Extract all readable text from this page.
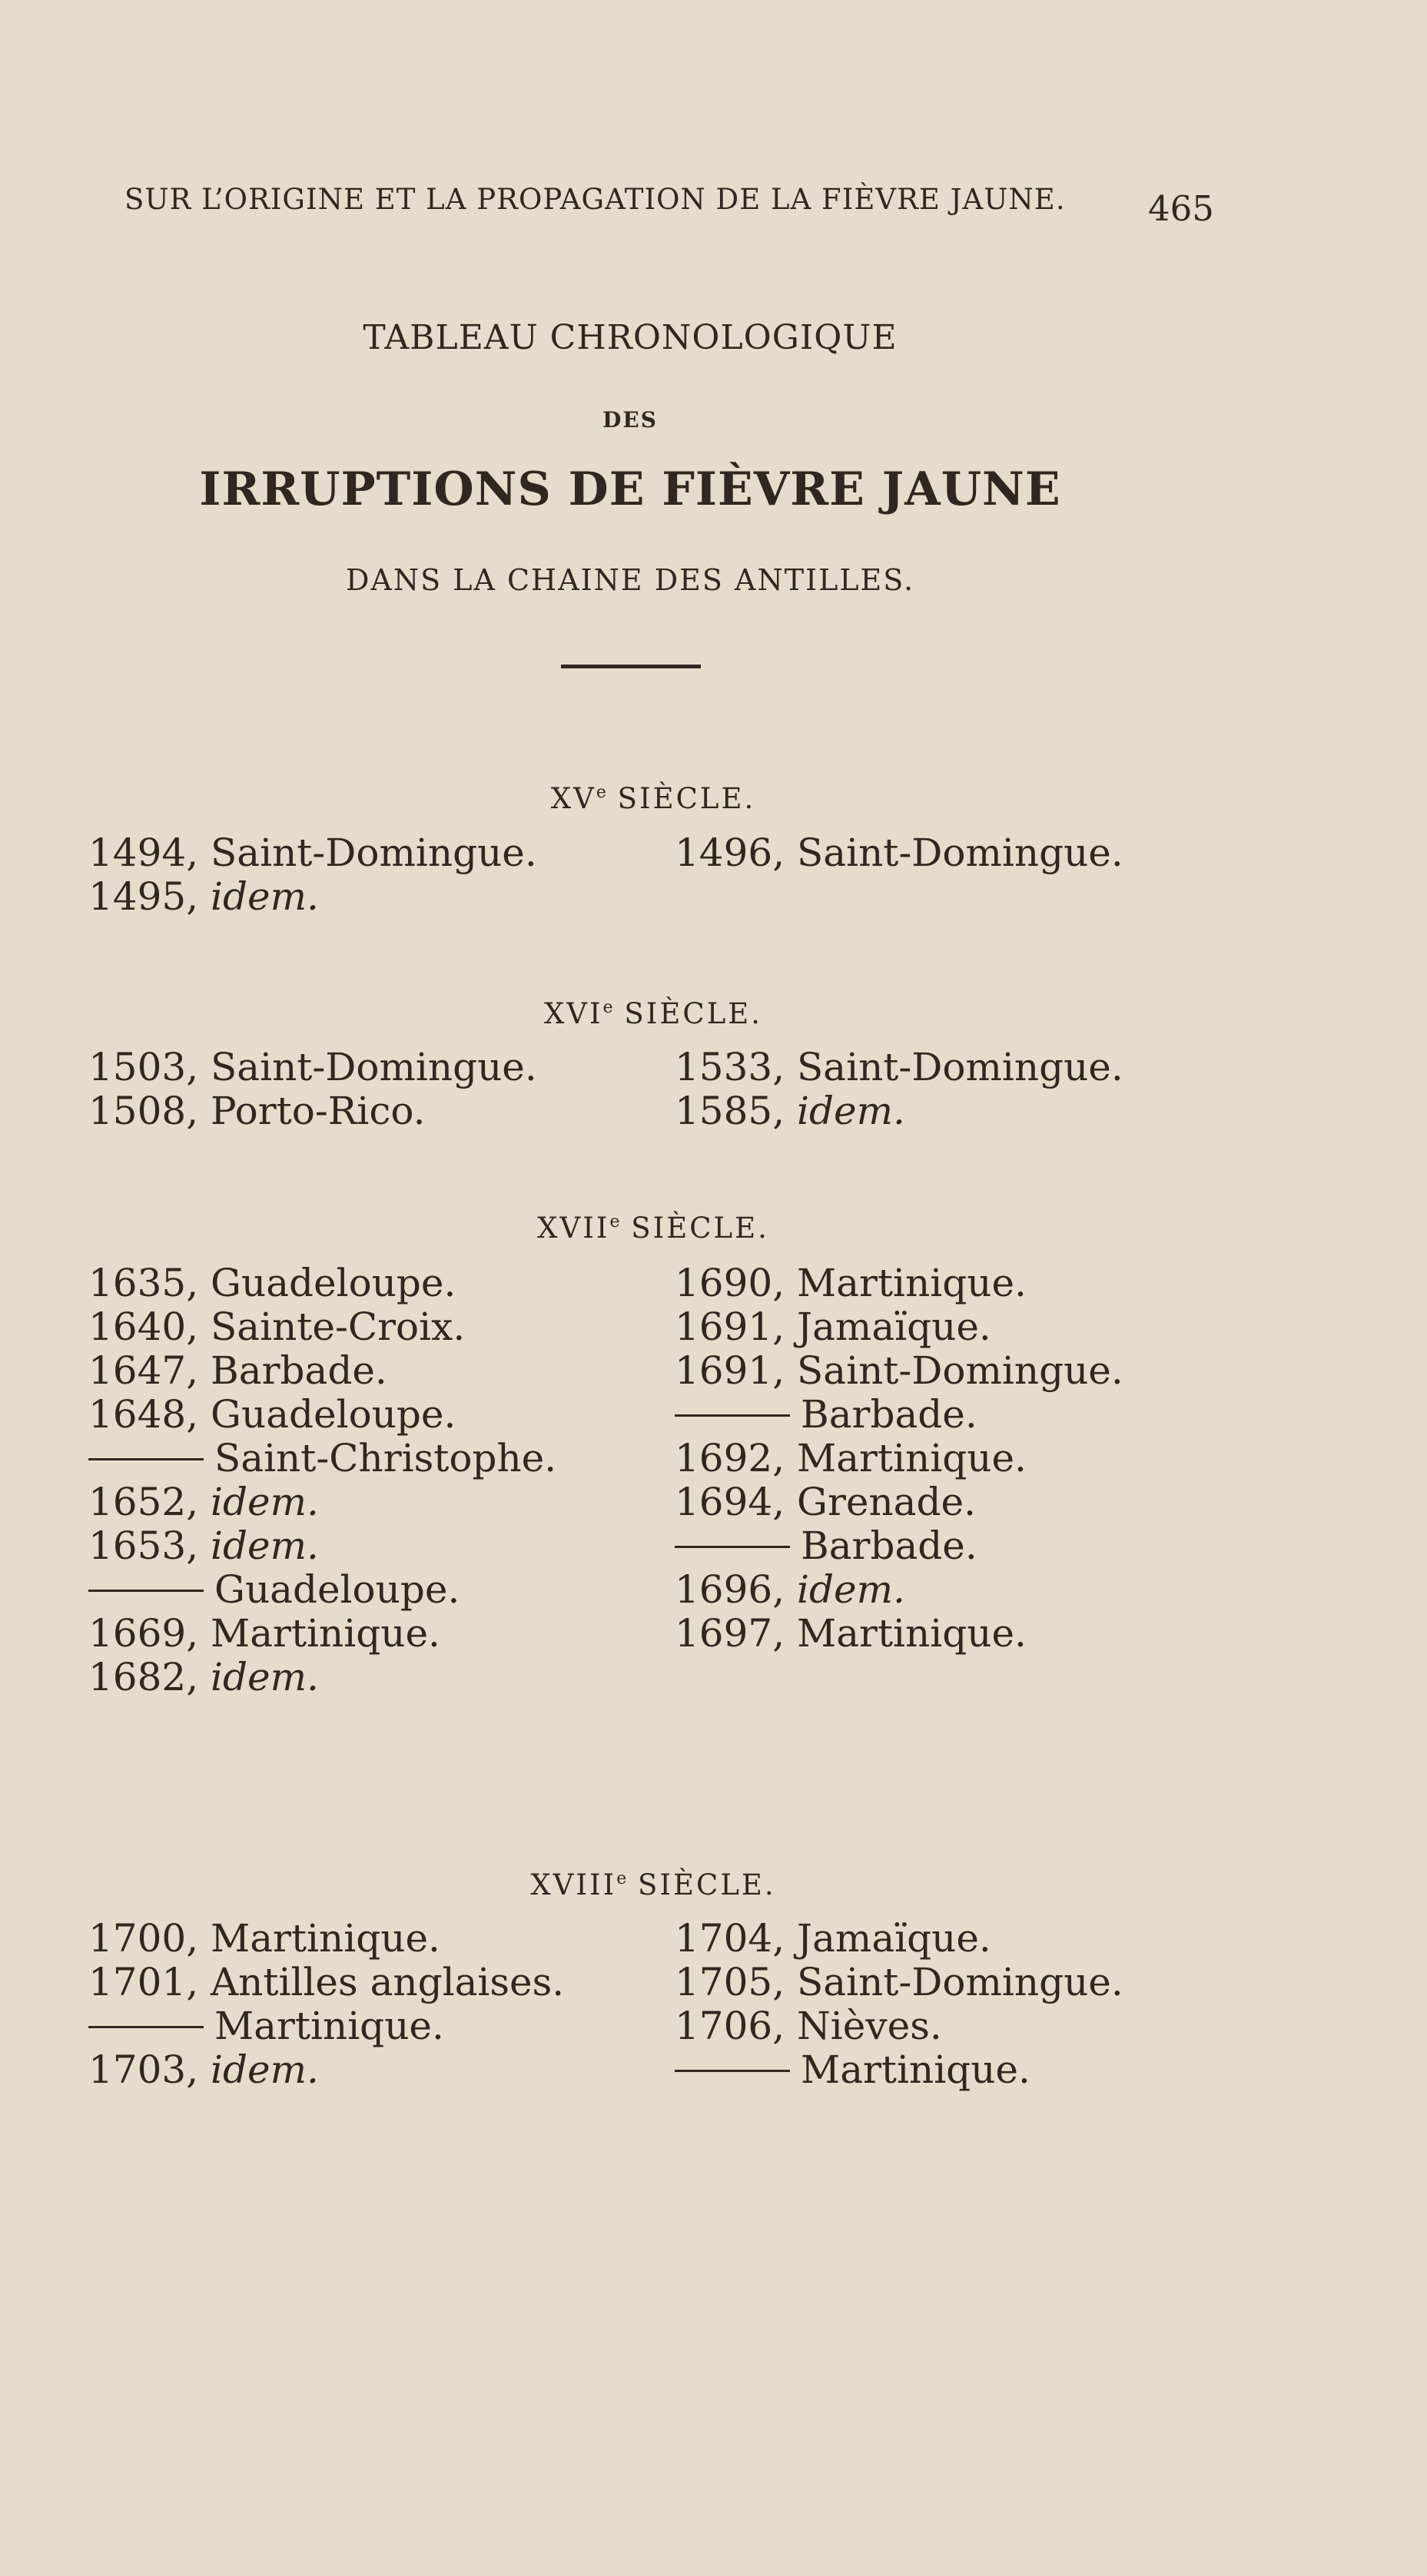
SUR L’ORIGINE ET LA PROPAGATION DE LA FIÈVRE JAUNE. 465
TABLEAU CHRONOLOGIQUE
DES
IRRUPTIONS DE FIÈVRE JAUNE
DANS LA CHAINE DES ANTILLES.
XVe SIÈCLE.
XVIe SIÈCLE.
XVIIe SIÈCLE.
XVIIIe SIÈCLE.
1494, Saint-Domingue.
1495, idem.
1496, Saint-Domingue.
1503, Saint-Domingue.
1508, Porto-Rico.
1533, Saint-Domingue.
1585, idem.
1635, Guadeloupe.
1640, Sainte-Croix.
1647, Barbade.
1648, Guadeloupe.
Saint-Christophe.
1652, idem.
1653, idem.
Guadeloupe.
1669, Martinique.
1682, idem.
1690, Martinique.
1691, Jamaïque.
1691, Saint-Domingue.
Barbade.
1692, Martinique.
1694, Grenade.
Barbade.
1696, idem.
1697, Martinique.
1700, Martinique.
1701, Antilles anglaises.
Martinique.
1703, idem.
1704, Jamaïque.
1705, Saint-Domingue.
1706, Nièves.
Martinique.
